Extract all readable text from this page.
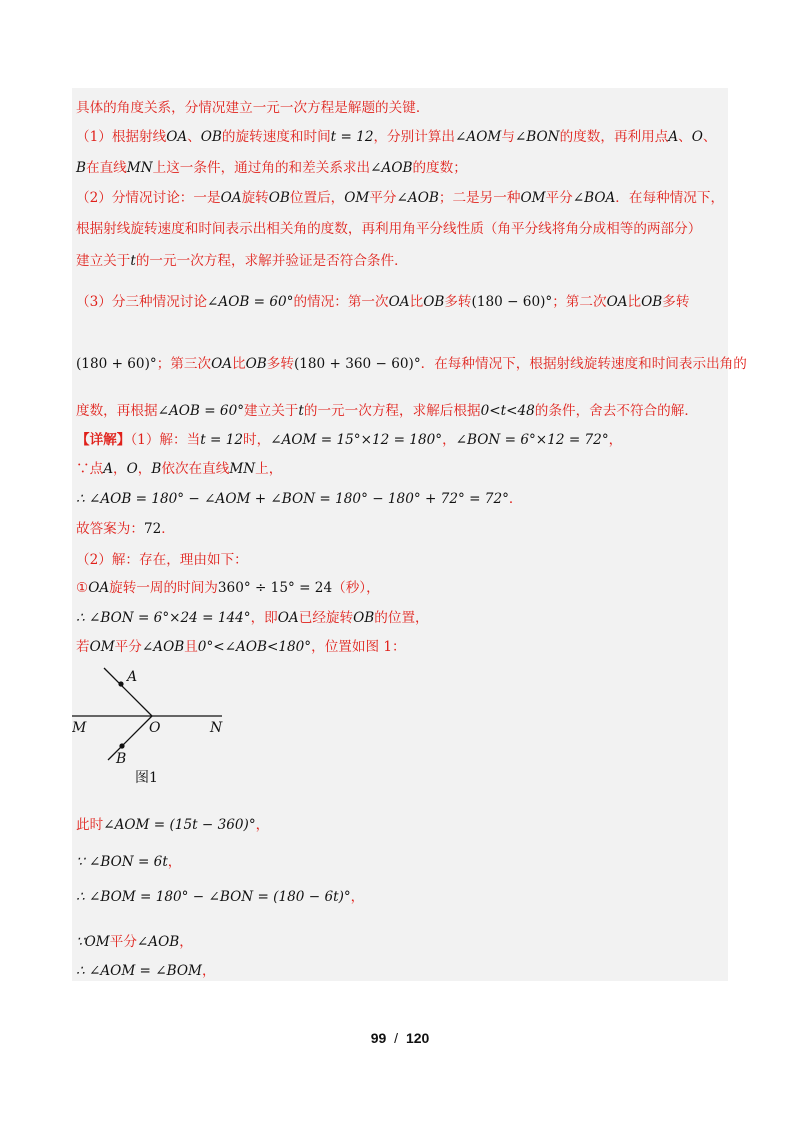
具体的角度关系，分情况建立一元一次方程是解题的关键．
（1）根据射线OA、OB的旋转速度和时间t = 12，分别计算出∠AOM与∠BON的度数，再利用点A、O、
B在直线MN上这一条件，通过角的和差关系求出∠AOB的度数；
（2）分情况讨论：一是OA旋转OB位置后，OM平分∠AOB；二是另一种OM平分∠BOA．在每种情况下，
根据射线旋转速度和时间表示出相关角的度数，再利用角平分线性质（角平分线将角分成相等的两部分）
建立关于t的一元一次方程，求解并验证是否符合条件．
（3）分三种情况讨论∠AOB = 60°的情况：第一次OA比OB多转(180 − 60)°；第二次OA比OB多转
(180 + 60)°；第三次OA比OB多转(180 + 360 − 60)°．在每种情况下，根据射线旋转速度和时间表示出角的
度数，再根据∠AOB = 60°建立关于t的一元一次方程，求解后根据0<t<48的条件，舍去不符合的解．
【详解】（1）解：当t = 12时，∠AOM = 15°×12 = 180°，∠BON = 6°×12 = 72°，
∵点A，O，B依次在直线MN上，
∴ ∠AOB = 180° − ∠AOM + ∠BON = 180° − 180° + 72° = 72°．
故答案为：72．
（2）解：存在，理由如下：
①OA旋转一周的时间为360° ÷ 15° = 24（秒），
∴ ∠BON = 6°×24 = 144°，即OA已经旋转OB的位置，
若OM平分∠AOB且0°<∠AOB<180°，位置如图 1：
A
B
M	O	N
图1
此时∠AOM = (15t − 360)°，
∵ ∠BON = 6t，
∴ ∠BOM = 180° − ∠BON = (180 − 6t)°，
∵OM平分∠AOB，
∴ ∠AOM = ∠BOM，
99 / 120
